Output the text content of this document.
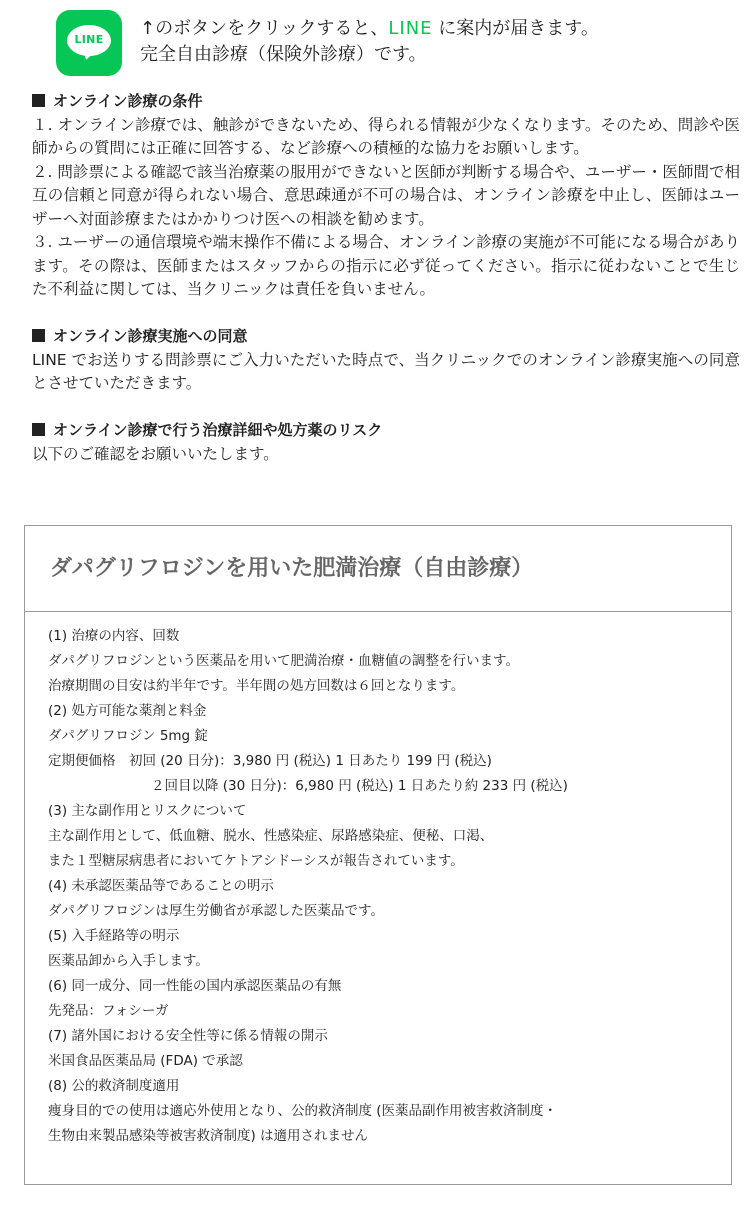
LINE
↑のボタンをクリックすると、LINE に案内が届きます。
完全自由診療（保険外診療）です。
オンライン診療の条件
１. オンライン診療では、触診ができないため、得られる情報が少なくなります。そのため、問診や医師からの質問には正確に回答する、など診療への積極的な協力をお願いします。
２. 問診票による確認で該当治療薬の服用ができないと医師が判断する場合や、ユーザー・医師間で相互の信頼と同意が得られない場合、意思疎通が不可の場合は、オンライン診療を中止し、医師はユーザーへ対面診療またはかかりつけ医への相談を勧めます。
３. ユーザーの通信環境や端末操作不備による場合、オンライン診療の実施が不可能になる場合があります。その際は、医師またはスタッフからの指示に必ず従ってください。指示に従わないことで生じた不利益に関しては、当クリニックは責任を負いません。
オンライン診療実施への同意
LINE でお送りする問診票にご入力いただいた時点で、当クリニックでのオンライン診療実施への同意とさせていただきます。
オンライン診療で行う治療詳細や処方薬のリスク
以下のご確認をお願いいたします。
ダパグリフロジンを用いた肥満治療（自由診療）
(1) 治療の内容、回数
ダパグリフロジンという医薬品を用いて肥満治療・血糖値の調整を行います。
治療期間の目安は約半年です。半年間の処方回数は６回となります。
(2) 処方可能な薬剤と料金
ダパグリフロジン 5mg 錠
定期便価格　初回 (20 日分)：3,980 円 (税込) 1 日あたり 199 円 (税込)
２回目以降 (30 日分)：6,980 円 (税込) 1 日あたり約 233 円 (税込)
(3) 主な副作用とリスクについて
主な副作用として、低血糖、脱水、性感染症、尿路感染症、便秘、口渇、
また１型糖尿病患者においてケトアシドーシスが報告されています。
(4) 未承認医薬品等であることの明示
ダパグリフロジンは厚生労働省が承認した医薬品です。
(5) 入手経路等の明示
医薬品卸から入手します。
(6) 同一成分、同一性能の国内承認医薬品の有無
先発品：フォシーガ
(7) 諸外国における安全性等に係る情報の開示
米国食品医薬品局 (FDA) で承認
(8) 公的救済制度適用
痩身目的での使用は適応外使用となり、公的救済制度 (医薬品副作用被害救済制度・
生物由来製品感染等被害救済制度) は適用されません
